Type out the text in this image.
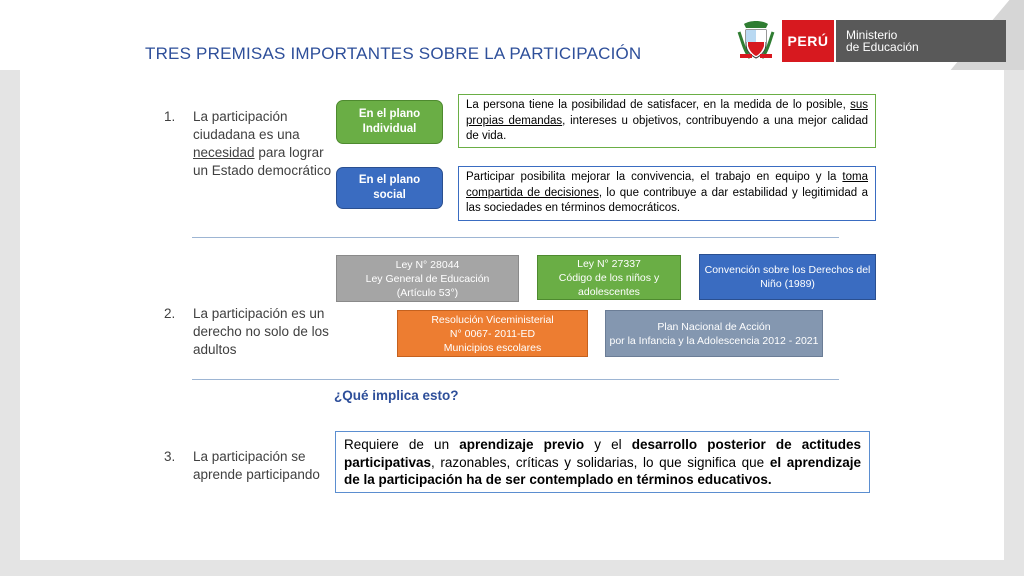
TRES PREMISAS IMPORTANTES SOBRE LA PARTICIPACIÓN
PERÚ	Ministerio
de Educación
1. La participación ciudadana es una necesidad para lograr un Estado democrático
En el plano Individual
En el plano social
La persona tiene la posibilidad de satisfacer, en la medida de lo posible, sus propias demandas, intereses u objetivos, contribuyendo a una mejor calidad de vida.
Participar posibilita mejorar la convivencia, el trabajo en equipo y la toma compartida de decisiones, lo que contribuye a dar estabilidad y legitimidad a las sociedades en términos democráticos.
Ley N° 28044
Ley General de Educación
(Artículo 53°)
Ley N° 27337
Código de los niños y
adolescentes
Convención sobre los Derechos del
Niño (1989)
Resolución Viceministerial
N° 0067- 2011-ED
Municipios escolares
Plan Nacional de Acción
por la Infancia y la Adolescencia 2012 - 2021
2. La participación es un derecho no solo de los adultos
¿Qué implica esto?
3. La participación se aprende participando
Requiere de un aprendizaje previo y el desarrollo posterior de actitudes participativas, razonables, críticas y solidarias, lo que significa que el aprendizaje de la participación ha de ser contemplado en términos educativos.
